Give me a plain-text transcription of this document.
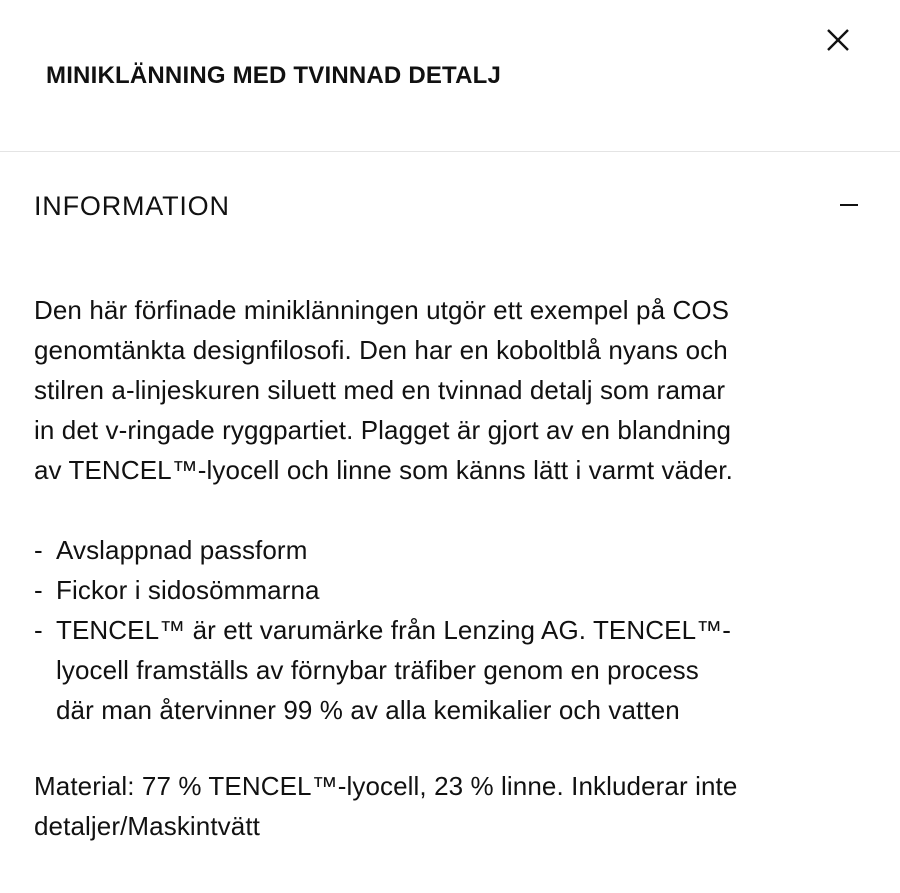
MINIKLÄNNING MED TVINNAD DETALJ
INFORMATION

Den här förfinade miniklänningen utgör ett exempel på COS

genomtänkta designfilosofi. Den har en koboltblå nyans och

stilren a-linjeskuren siluett med en tvinnad detalj som ramar

in det v-ringade ryggpartiet. Plagget är gjort av en blandning

av TENCEL™-lyocell och linne som känns lätt i varmt väder.

- Avslappnad passform
- Fickor i sidosömmarna
- TENCEL™ är ett varumärke från Lenzing AG. TENCEL™-
lyocell framställs av förnybar träfiber genom en process
där man återvinner 99 % av alla kemikalier och vatten
Material: 77 % TENCEL™-lyocell, 23 % linne. Inkluderar inte
detaljer/Maskintvätt
